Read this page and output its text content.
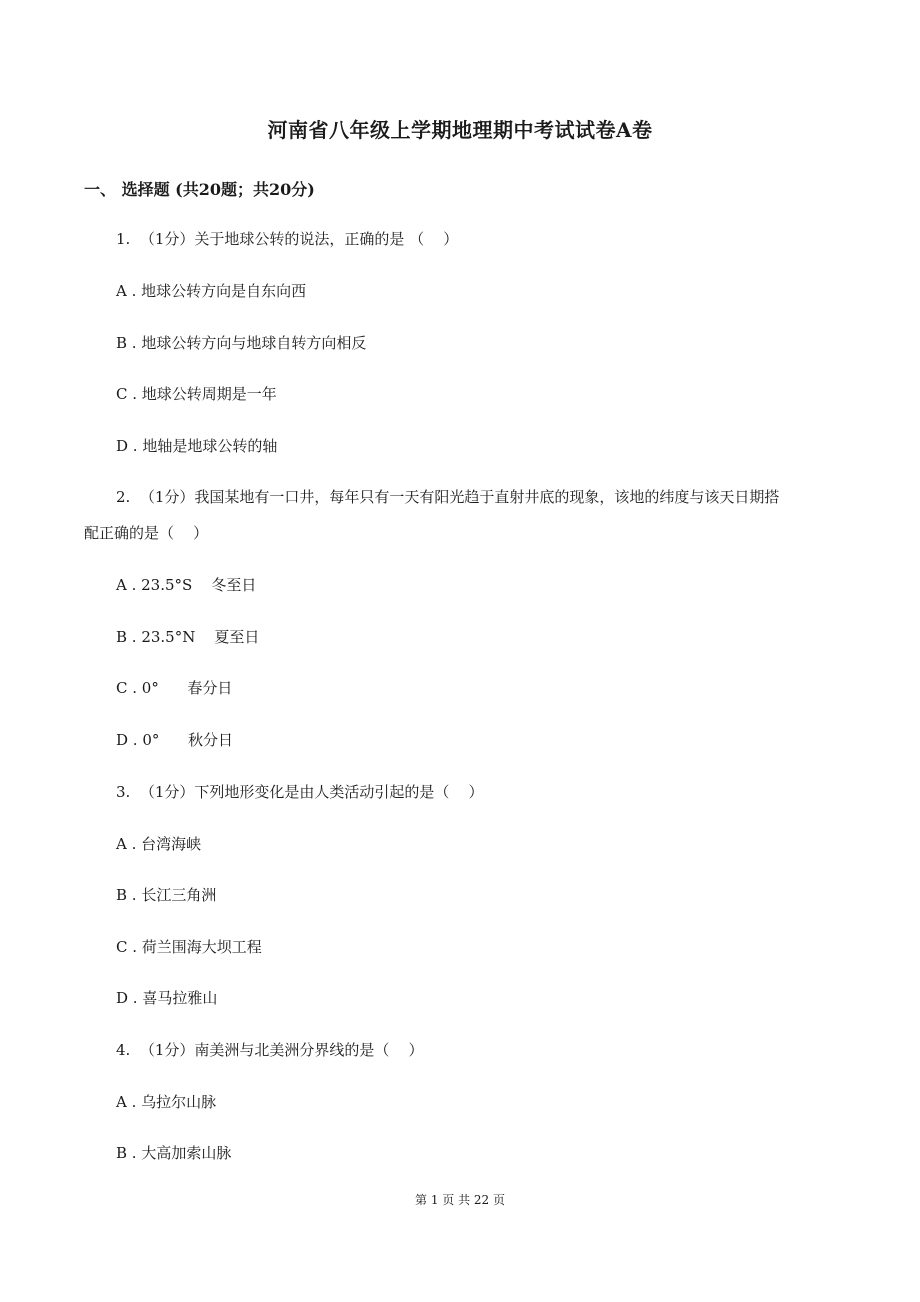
河南省八年级上学期地理期中考试试卷A卷
一、 选择题 (共20题；共20分)
1.  （1分）关于地球公转的说法，正确的是 （    ）
A . 地球公转方向是自东向西
B . 地球公转方向与地球自转方向相反
C . 地球公转周期是一年
D . 地轴是地球公转的轴
2.  （1分）我国某地有一口井，每年只有一天有阳光趋于直射井底的现象，该地的纬度与该天日期搭
配正确的是（    ）
A . 23.5°S    冬至日
B . 23.5°N    夏至日
C . 0°      春分日
D . 0°      秋分日
3.  （1分）下列地形变化是由人类活动引起的是（    ）
A . 台湾海峡
B . 长江三角洲
C . 荷兰围海大坝工程
D . 喜马拉雅山
4.  （1分）南美洲与北美洲分界线的是（    ）
A . 乌拉尔山脉
B . 大高加索山脉
第 1 页 共 22 页
